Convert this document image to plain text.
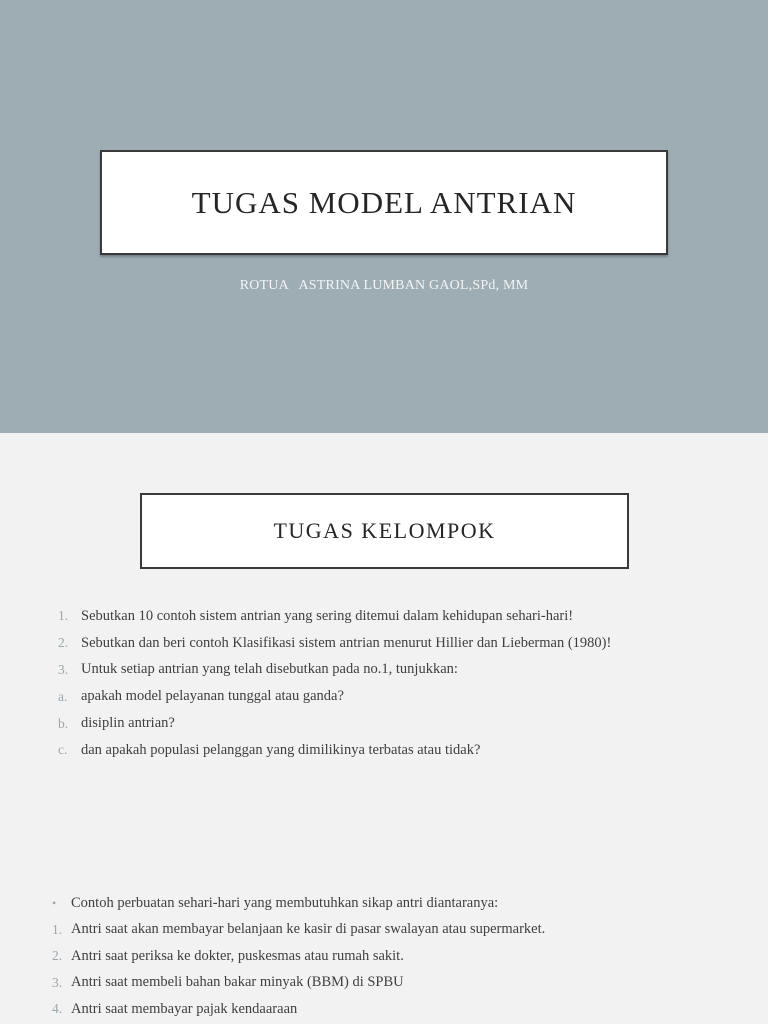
TUGAS MODEL ANTRIAN
ROTUA   ASTRINA LUMBAN GAOL,SPd, MM
TUGAS KELOMPOK
1. Sebutkan 10 contoh sistem antrian yang sering ditemui dalam kehidupan sehari-hari!
2. Sebutkan dan beri contoh Klasifikasi sistem antrian menurut Hillier dan Lieberman (1980)!
3. Untuk setiap antrian yang telah disebutkan pada no.1, tunjukkan:
a. apakah model pelayanan tunggal atau ganda?
b. disiplin antrian?
c. dan apakah populasi pelanggan yang dimilikinya terbatas atau tidak?
•	Contoh perbuatan sehari-hari yang membutuhkan sikap antri diantaranya:
1. Antri saat akan membayar belanjaan ke kasir di pasar swalayan atau supermarket.
2. Antri saat periksa ke dokter, puskesmas atau rumah sakit.
3. Antri saat membeli bahan bakar minyak (BBM) di SPBU
4. Antri saat membayar pajak kendaaraan
